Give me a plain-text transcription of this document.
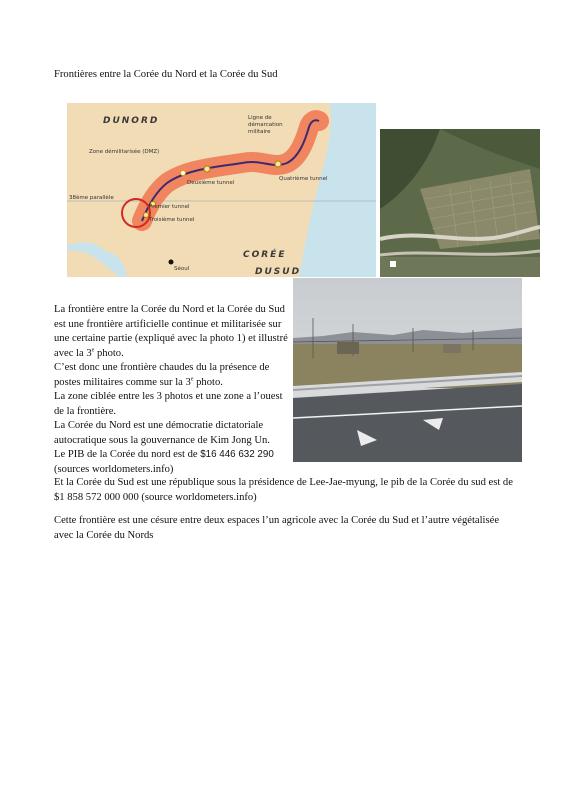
Frontières entre la Corée du Nord et la Corée du Sud
DUNORD
CORÉE
DUSUD
38ème parallèle
Zone démilitarisée (DMZ)
Ligne de
démarcation
militaire
Deuxième tunnel
Quatrième tunnel
Premier tunnel
Troisième tunnel
Séoul

La frontière entre la Corée du Nord et la Corée du Sud est une frontière artificielle continue et militarisée sur une certaine partie (expliqué avec la photo 1) et illustré avec la 3e photo.

C’est donc une frontière chaudes du la présence de postes militaires comme sur la 3e photo.

La zone ciblée entre les 3 photos et une zone a l’ouest de la frontière.

La Corée du Nord est une démocratie dictatoriale autocratique sous la gouvernance de Kim Jong Un.

Le PIB de la Corée du nord est de $16 446 632 290 (sources worldometers.info)

Et la Corée du Sud est une république sous la présidence de Lee-Jae-myung, le pib de la Corée du sud est de $1 858 572 000 000 (source worldometers.info)
Cette frontière est une césure entre deux espaces l’un agricole avec la Corée du Sud et l’autre végétalisée avec la Corée du Nords
